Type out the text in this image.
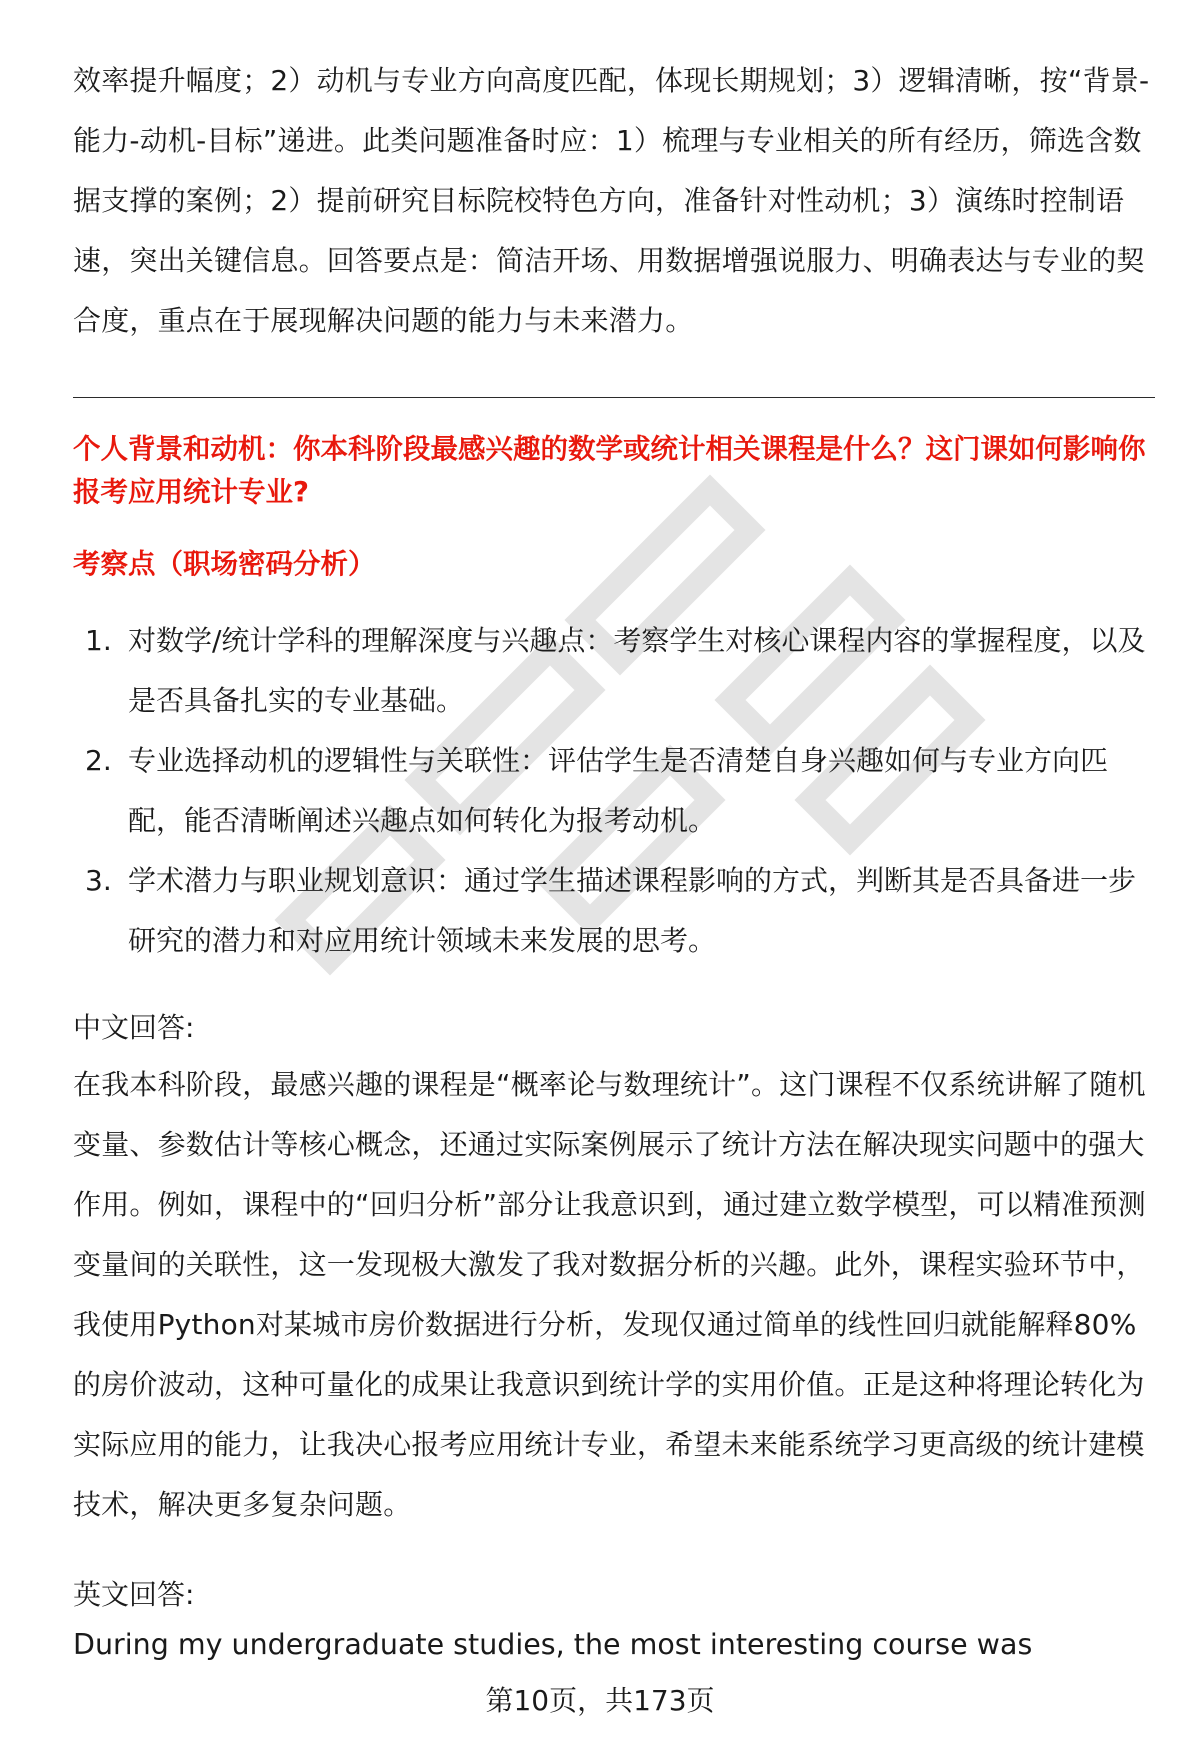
效率提升幅度；2）动机与专业方向高度匹配，体现长期规划；3）逻辑清晰，按“背景-能力-动机-目标”递进。此类问题准备时应：1）梳理与专业相关的所有经历，筛选含数据支撑的案例；2）提前研究目标院校特色方向，准备针对性动机；3）演练时控制语速，突出关键信息。回答要点是：简洁开场、用数据增强说服力、明确表达与专业的契合度，重点在于展现解决问题的能力与未来潜力。

个人背景和动机：你本科阶段最感兴趣的数学或统计相关课程是什么？这门课如何影响你报考应用统计专业?

考察点（职场密码分析）

1. 对数学/统计学科的理解深度与兴趣点：考察学生对核心课程内容的掌握程度，以及是否具备扎实的专业基础。
2. 专业选择动机的逻辑性与关联性：评估学生是否清楚自身兴趣如何与专业方向匹配，能否清晰阐述兴趣点如何转化为报考动机。
3. 学术潜力与职业规划意识：通过学生描述课程影响的方式，判断其是否具备进一步研究的潜力和对应用统计领域未来发展的思考。

中文回答:

在我本科阶段，最感兴趣的课程是“概率论与数理统计”。这门课程不仅系统讲解了随机变量、参数估计等核心概念，还通过实际案例展示了统计方法在解决现实问题中的强大作用。例如，课程中的“回归分析”部分让我意识到，通过建立数学模型，可以精准预测变量间的关联性，这一发现极大激发了我对数据分析的兴趣。此外，课程实验环节中，我使用Python对某城市房价数据进行分析，发现仅通过简单的线性回归就能解释80%的房价波动，这种可量化的成果让我意识到统计学的实用价值。正是这种将理论转化为实际应用的能力，让我决心报考应用统计专业，希望未来能系统学习更高级的统计建模技术，解决更多复杂问题。

英文回答:

During my undergraduate studies, the most interesting course was

第10页，共173页
